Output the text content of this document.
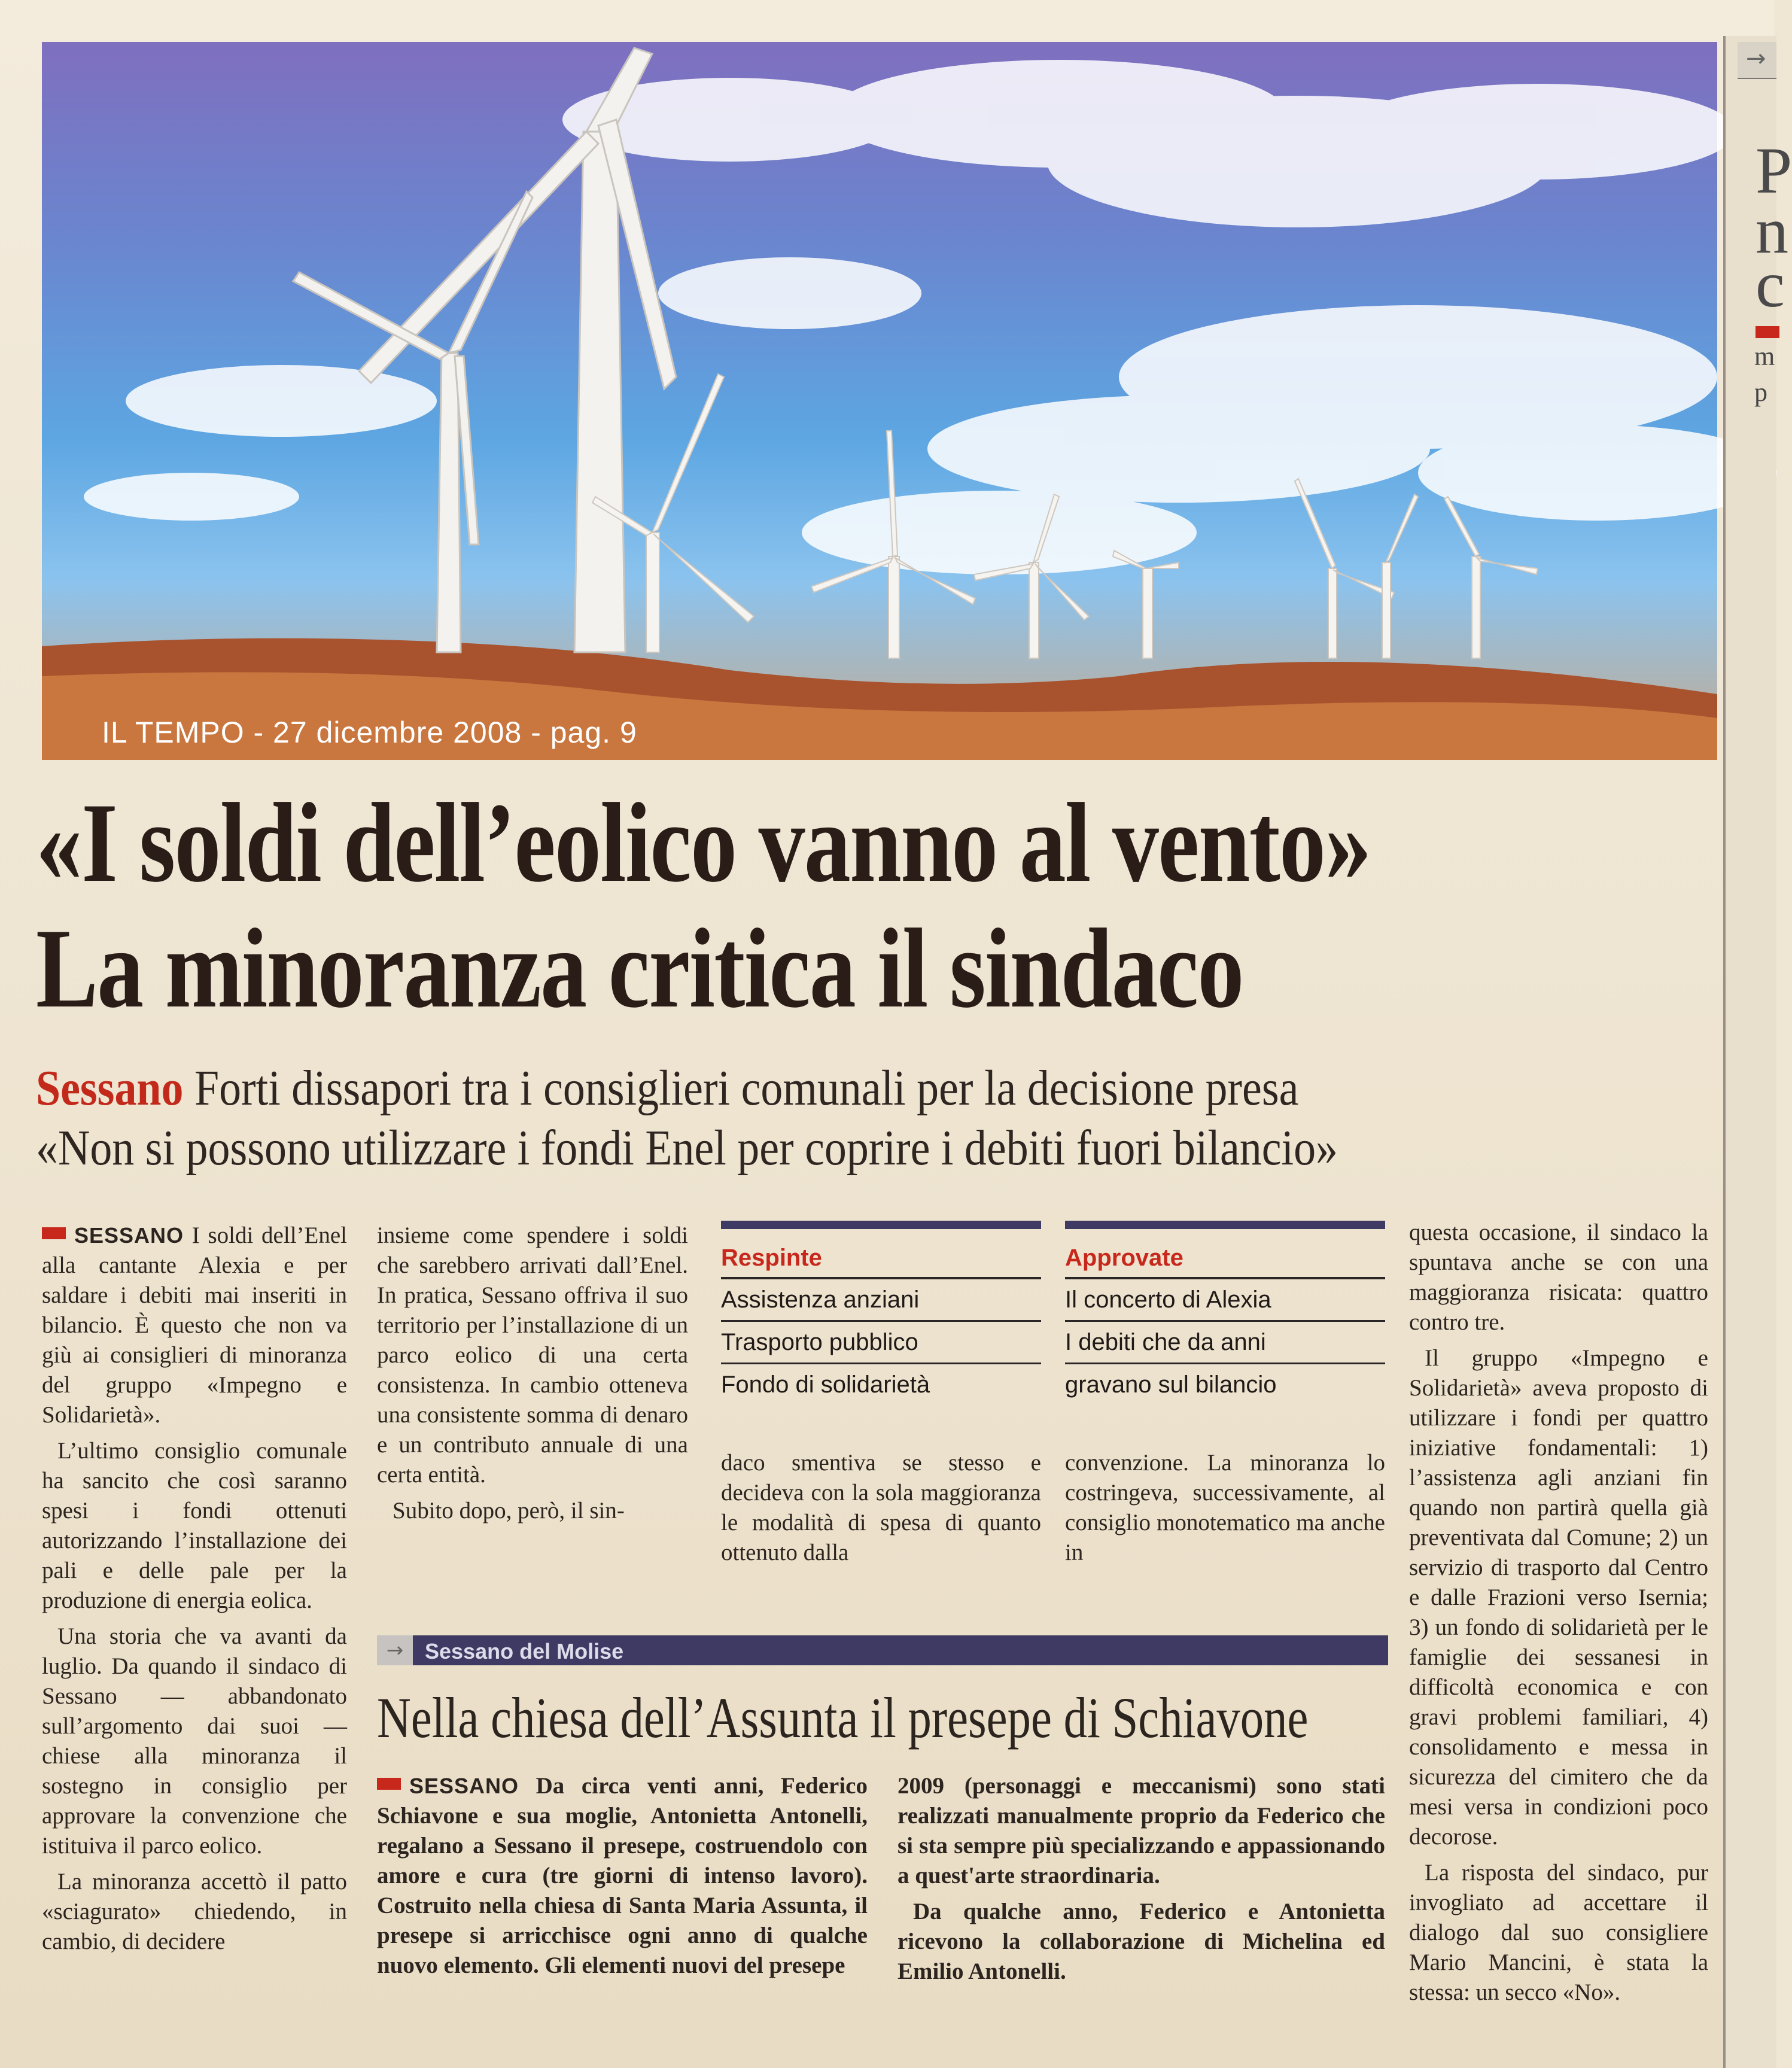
IL TEMPO - 27 dicembre 2008 - pag. 9
→
P
n
c
m
p
«I soldi dell’eolico vanno al vento»
La minoranza critica il sindaco
Sessano Forti dissapori tra i consiglieri comunali per la decisione presa
«Non si possono utilizzare i fondi Enel per coprire i debiti fuori bilancio»

SESSANO I soldi dell’Enel alla cantante Alexia e per saldare i debiti mai inseriti in bilancio. È questo che non va giù ai consiglieri di minoranza del gruppo «Impegno e Solidarietà».

L’ultimo consiglio comunale ha sancito che così saranno spesi i fondi ottenuti autorizzando l’installazione dei pali e delle pale per la produzione di energia eolica.

Una storia che va avanti da luglio. Da quando il sindaco di Sessano — abbandonato sull’argomento dai suoi — chiese alla minoranza il sostegno in consiglio per approvare la convenzione che istituiva il parco eolico.

La minoranza accettò il patto «sciagurato» chiedendo, in cambio, di decidere

insieme come spendere i soldi che sarebbero arrivati dall’Enel. In pratica, Sessano offriva il suo territorio per l’installazione di un parco eolico di una certa consistenza. In cambio otteneva una consistente somma di denaro e un contributo annuale di una certa entità.

Subito dopo, però, il sin-

Respinte
Assistenza anziani
Trasporto pubblico
Fondo di solidarietà
Approvate
Il concerto di Alexia
I debiti che da anni
gravano sul bilancio

daco smentiva se stesso e decideva con la sola maggioranza le modalità di spesa di quanto ottenuto dalla

convenzione. La minoranza lo costringeva, successivamente, al consiglio monotematico ma anche in

questa occasione, il sindaco la spuntava anche se con una maggioranza risicata: quattro contro tre.

Il gruppo «Impegno e Solidarietà» aveva proposto di utilizzare i fondi per quattro iniziative fondamentali: 1) l’assistenza agli anziani fin quando non partirà quella già preventivata dal Comune; 2) un servizio di trasporto dal Centro e dalle Frazioni verso Isernia; 3) un fondo di solidarietà per le famiglie dei sessanesi in difficoltà economica e con gravi problemi familiari, 4) consolidamento e messa in sicurezza del cimitero che da mesi versa in condizioni poco decorose.

La risposta del sindaco, pur invogliato ad accettare il dialogo dal suo consigliere Mario Mancini, è stata la stessa: un secco «No».

→ Sessano del Molise
Nella chiesa dell’Assunta il presepe di Schiavone

SESSANO Da circa venti anni, Federico Schiavone e sua moglie, Antonietta Antonelli, regalano a Sessano il presepe, costruendolo con amore e cura (tre giorni di intenso lavoro). Costruito nella chiesa di Santa Maria Assunta, il presepe si arricchisce ogni anno di qualche nuovo elemento. Gli elementi nuovi del presepe

2009 (personaggi e meccanismi) sono stati realizzati manualmente proprio da Federico che si sta sempre più specializzando e appassionando a quest'arte straordinaria.

Da qualche anno, Federico e Antonietta ricevono la collaborazione di Michelina ed Emilio Antonelli.
